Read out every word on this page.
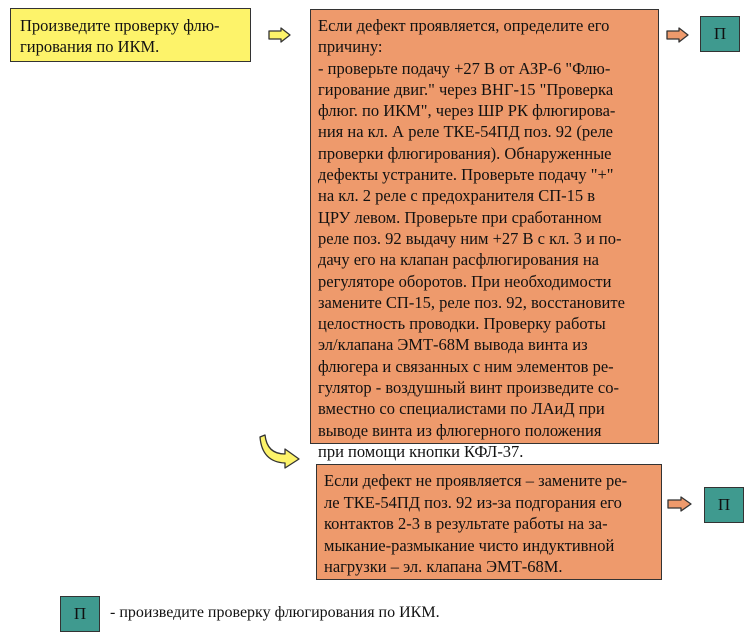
Произведите проверку флю-
гирования по ИКМ.
Если дефект проявляется, определите его
причину:
- проверьте подачу +27 В от АЗР-6 "Флю-
гирование двиг." через ВНГ-15 "Проверка
флюг. по ИКМ", через ШР РК флюгирова-
ния на кл. А реле ТКЕ-54ПД поз. 92 (реле
проверки флюгирования). Обнаруженные
дефекты устраните. Проверьте подачу "+"
на кл. 2 реле с предохранителя СП-15 в
ЦРУ левом. Проверьте при сработанном
реле поз. 92 выдачу ним +27 В с кл. 3 и по-
дачу его на клапан расфлюгирования на
регуляторе оборотов. При необходимости
замените СП-15, реле поз. 92, восстановите
целостность проводки. Проверку работы
эл/клапана ЭМТ-68М вывода винта из
флюгера и связанных с ним элементов ре-
гулятор - воздушный винт произведите со-
вместно со специалистами по ЛАиД при
выводе винта из флюгерного положения
при помощи кнопки КФЛ-37.
П
Если дефект не проявляется – замените ре-
ле ТКЕ-54ПД поз. 92 из-за подгорания его
контактов 2-3 в результате работы на за-
мыкание-размыкание чисто индуктивной
нагрузки – эл. клапана ЭМТ-68М.
П
П - произведите проверку флюгирования по ИКМ.
